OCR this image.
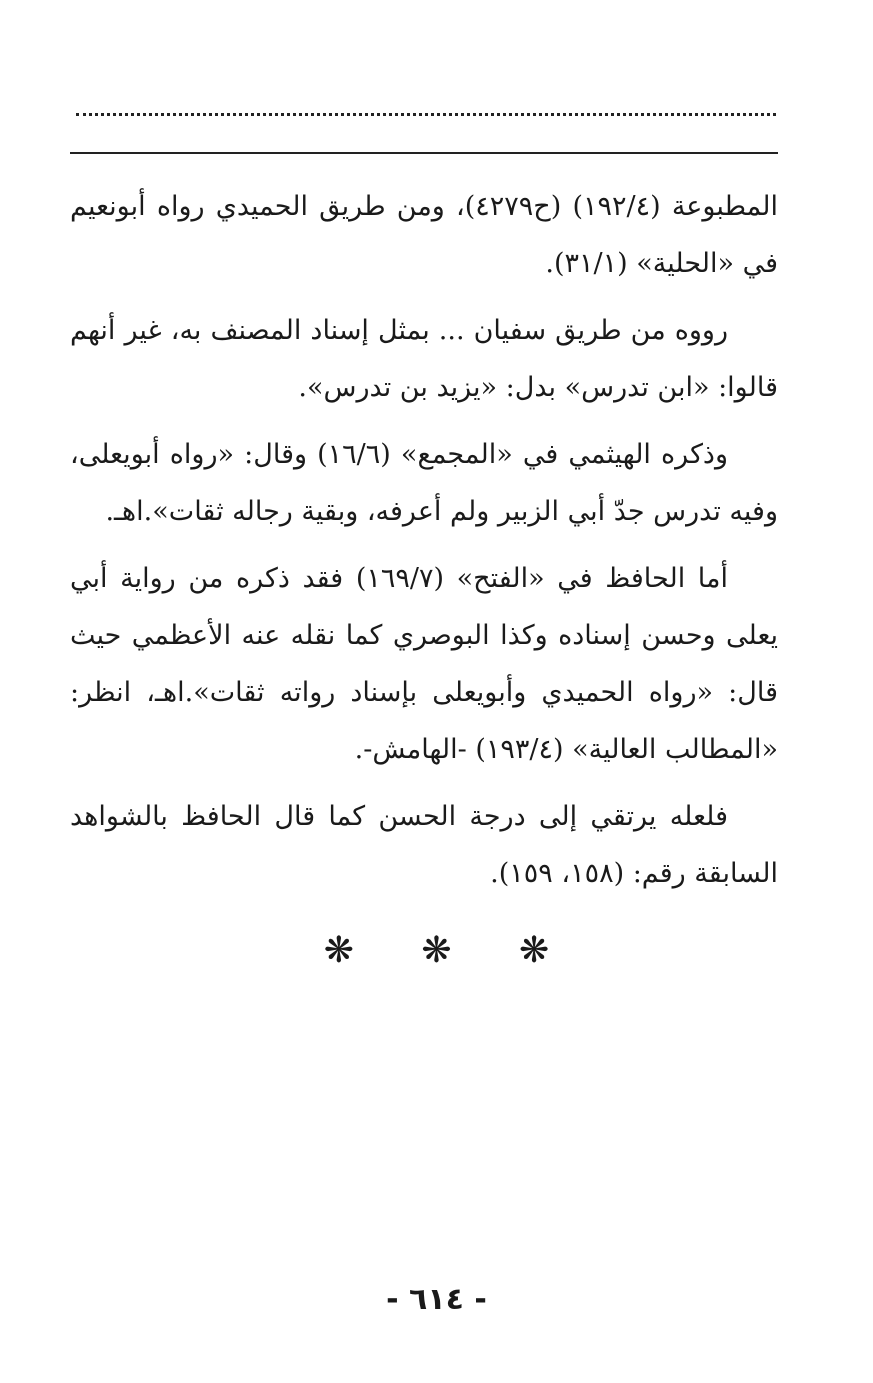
المطبوعة (١٩٢/٤) (ح٤٢٧٩)، ومن طريق الحميدي رواه أبونعيم في «الحلية» (٣١/١).

رووه من طريق سفيان ... بمثل إسناد المصنف به، غير أنهم قالوا: «ابن تدرس» بدل: «يزيد بن تدرس».

وذكره الهيثمي في «المجمع» (١٦/٦) وقال: «رواه أبويعلى، وفيه تدرس جدّ أبي الزبير ولم أعرفه، وبقية رجاله ثقات».اهـ.

أما الحافظ في «الفتح» (١٦٩/٧) فقد ذكره من رواية أبي يعلى وحسن إسناده وكذا البوصري كما نقله عنه الأعظمي حيث قال: «رواه الحميدي وأبويعلى بإسناد رواته ثقات».اهـ، انظر: «المطالب العالية» (١٩٣/٤) -الهامش-.

فلعله يرتقي إلى درجة الحسن كما قال الحافظ بالشواهد السابقة رقم: (١٥٨، ١٥٩).

❋ ❋ ❋
- ٦١٤ -
